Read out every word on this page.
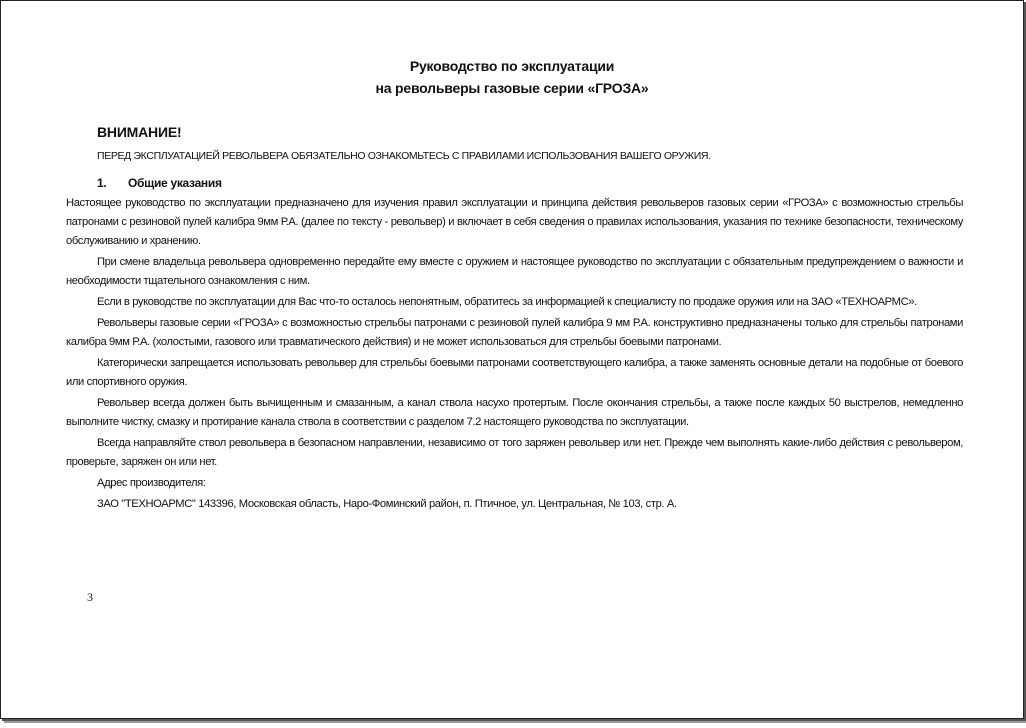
Руководство по эксплуатации
на револьверы газовые серии «ГРОЗА»
ВНИМАНИЕ!
ПЕРЕД ЭКСПЛУАТАЦИЕЙ РЕВОЛЬВЕРА ОБЯЗАТЕЛЬНО ОЗНАКОМЬТЕСЬ С ПРАВИЛАМИ ИСПОЛЬЗОВАНИЯ ВАШЕГО ОРУЖИЯ.
1. Общие указания
Настоящее руководство по эксплуатации предназначено для изучения правил эксплуатации и принципа действия револьверов газовых серии «ГРОЗА» с возможностью стрельбы патронами с резиновой пулей калибра 9мм Р.А. (далее по тексту - револьвер) и включает в себя сведения о правилах использования, указания по технике безопасности, техническому обслуживанию и хранению.
При смене владельца револьвера одновременно передайте ему вместе с оружием и настоящее руководство по эксплуатации с обязательным предупреждением о важности и необходимости тщательного ознакомления с ним.
Если в руководстве по эксплуатации для Вас что-то осталось непонятным, обратитесь за информацией к специалисту по продаже оружия или на ЗАО «ТЕХНОАРМС».
Револьверы газовые серии «ГРОЗА» с возможностью стрельбы патронами с резиновой пулей калибра 9 мм Р.А. конструктивно предназначены только для стрельбы патронами калибра 9мм Р.А. (холостыми, газового или травматического действия) и не может использоваться для стрельбы боевыми патронами.
Категорически запрещается использовать револьвер для стрельбы боевыми патронами соответствующего калибра, а также заменять основные детали на подобные от боевого или спортивного оружия.
Револьвер всегда должен быть вычищенным и смазанным, а канал ствола насухо протертым. После окончания стрельбы, а также после каждых 50 выстрелов, немедленно выполните чистку, смазку и протирание канала ствола в соответствии с разделом 7.2 настоящего руководства по эксплуатации.
Всегда направляйте ствол револьвера в безопасном направлении, независимо от того заряжен револьвер или нет. Прежде чем выполнять какие-либо действия с револьвером, проверьте, заряжен он или нет.
Адрес производителя:
ЗАО "ТЕХНОАРМС" 143396, Московская область, Наро-Фоминский район, п. Птичное, ул. Центральная, № 103, стр. А.
3
